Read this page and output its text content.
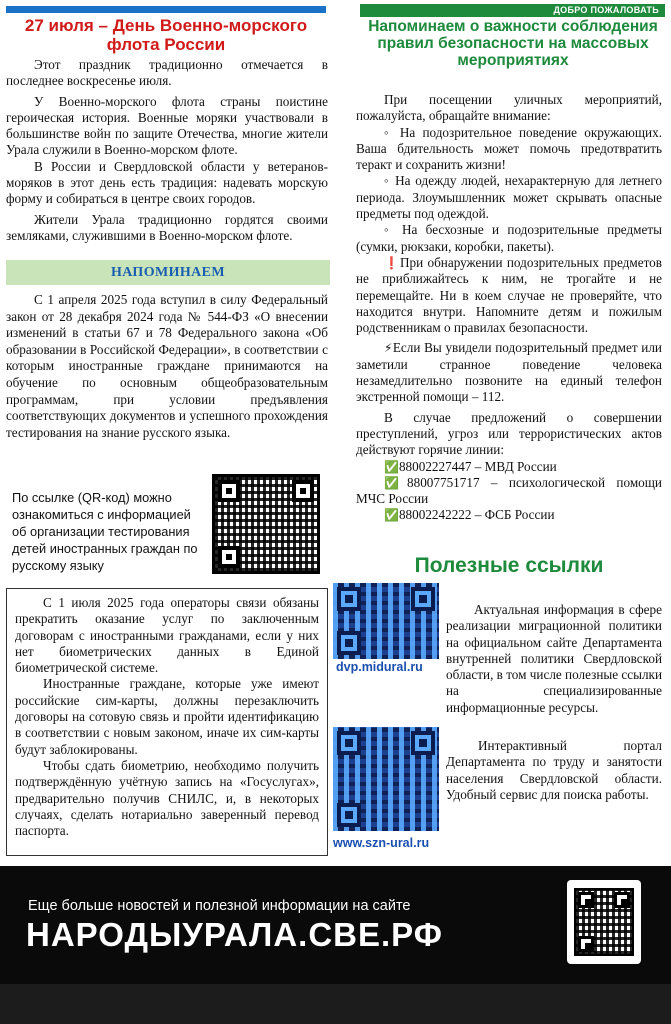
ДОБРО ПОЖАЛОВАТЬ
27 июля – День Военно-морского флота России

Этот праздник традиционно отмечается в последнее воскресенье июля.

У Военно-морского флота страны поистине героическая история. Военные моряки участвовали в большинстве войн по защите Отечества, многие жители Урала служили в Военно-морском флоте.

В России и Свердловской области у ветеранов-моряков в этот день есть традиция: надевать морскую форму и собираться в центре своих городов.

Жители Урала традиционно гордятся своими земляками, служившими в Военно-морском флоте.

НАПОМИНАЕМ

С 1 апреля 2025 года вступил в силу Федеральный закон от 28 декабря 2024 года № 544-ФЗ «О внесении изменений в статьи 67 и 78 Федерального закона «Об образовании в Российской Федерации», в соответствии с которым иностранные граждане принимаются на обучение по основным общеобразовательным программам, при условии предъявления соответствующих документов и успешного прохождения тестирования на знание русского языка.

По ссылке (QR-код) можно ознакомиться с информацией об организации тестирования детей иностранных граждан по русскому языку

С 1 июля 2025 года операторы связи обязаны прекратить оказание услуг по заключенным договорам с иностранными гражданами, если у них нет биометрических данных в Единой биометрической системе.

Иностранные граждане, которые уже имеют российские сим-карты, должны перезаключить договоры на сотовую связь и пройти идентификацию в соответствии с новым законом, иначе их сим-карты будут заблокированы.

Чтобы сдать биометрию, необходимо получить подтверждённую учётную запись на «Госуслугах», предварительно получив СНИЛС, и, в некоторых случаях, сделать нотариально заверенный перевод паспорта.

Напоминаем о важности соблюдения правил безопасности на массовых мероприятиях

При посещении уличных мероприятий, пожалуйста, обращайте внимание:

◦ На подозрительное поведение окружающих. Ваша бдительность может помочь предотвратить теракт и сохранить жизни!

◦ На одежду людей, нехарактерную для летнего периода. Злоумышленник может скрывать опасные предметы под одеждой.

◦ На бесхозные и подозрительные предметы (сумки, рюкзаки, коробки, пакеты).

❗При обнаружении подозрительных предметов не приближайтесь к ним, не трогайте и не перемещайте. Ни в коем случае не проверяйте, что находится внутри. Напомните детям и пожилым родственникам о правилах безопасности.

⚡Если Вы увидели подозрительный предмет или заметили странное поведение человека незамедлительно позвоните на единый телефон экстренной помощи – 112.

В случае предложений о совершении преступлений, угроз или террористических актов действуют горячие линии:

✅88002227447 – МВД России

✅88007751717 – психологической помощи МЧС России

✅88002242222 – ФСБ России

Полезные ссылки
dvp.midural.ru

Актуальная информация в сфере реализации миграционной политики на официальном сайте Департамента внутренней политики Свердловской области, в том числе полезные ссылки на специализированные информационные ресурсы.

www.szn-ural.ru

Интерактивный портал Департамента по труду и занятости населения Свердловской области. Удобный сервис для поиска работы.

Еще больше новостей и полезной информации на сайте
НАРОДЫУРАЛА.СВЕ.РФ
